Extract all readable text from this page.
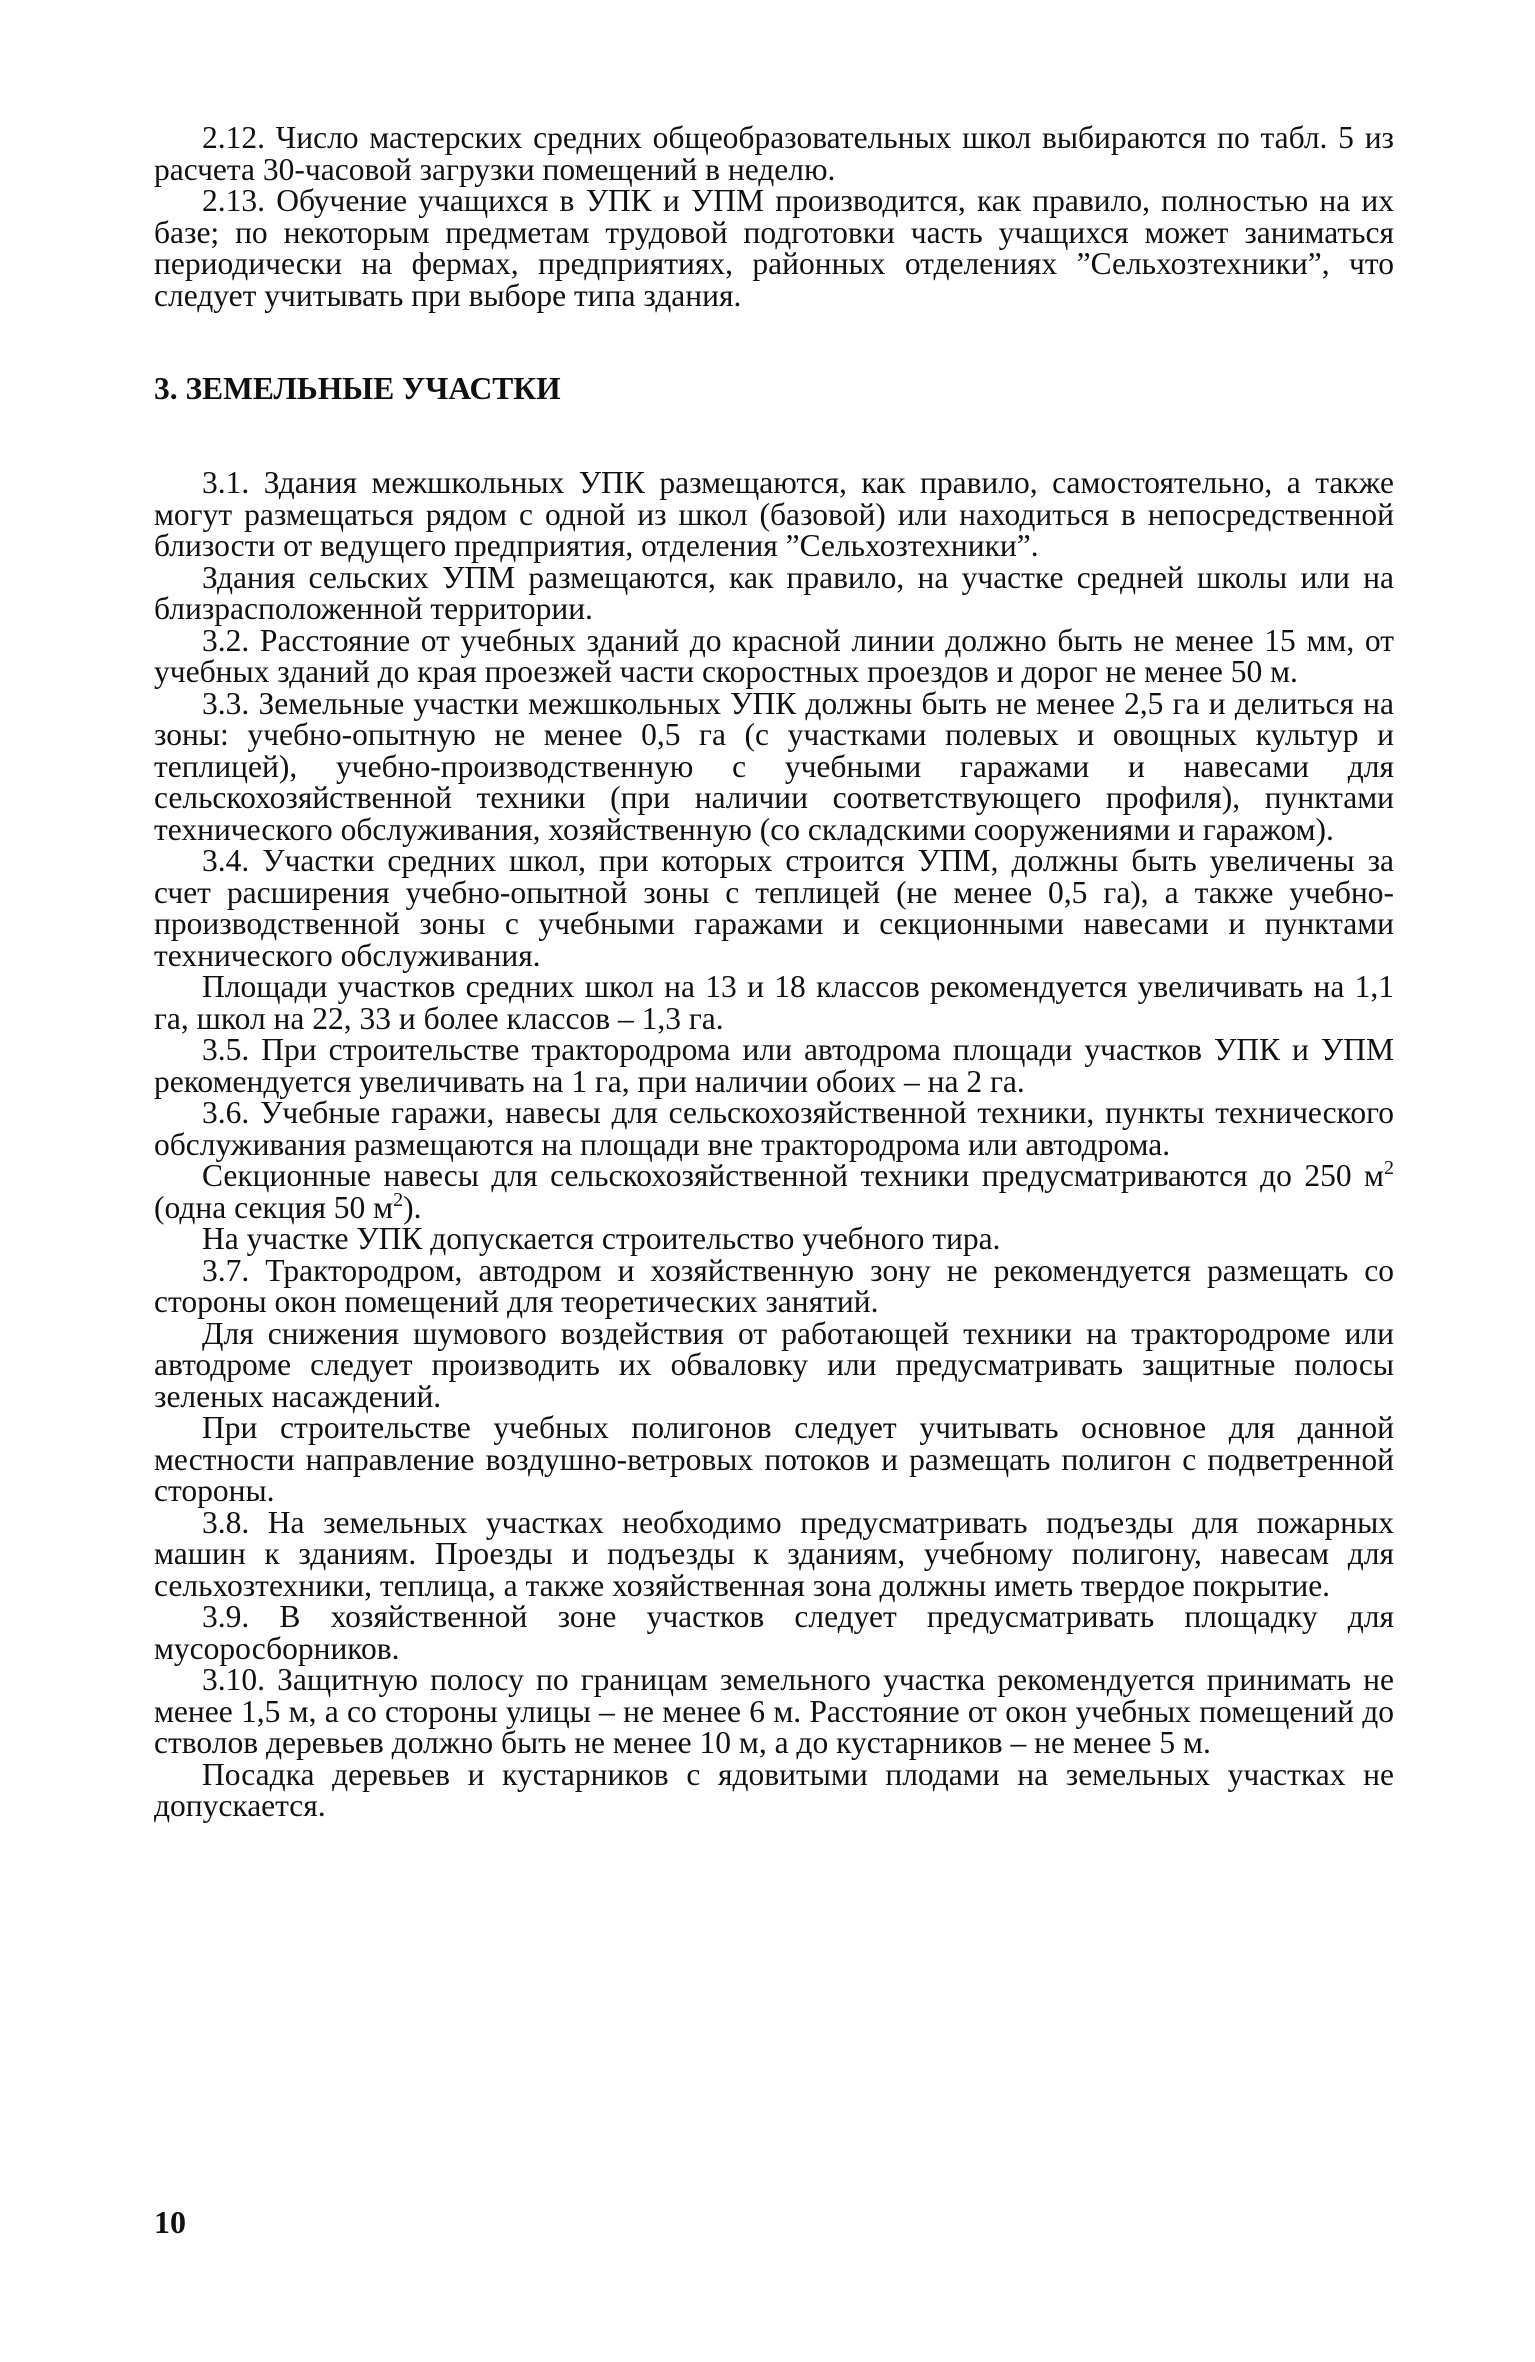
2.12. Число мастерских средних общеобразовательных школ выбираются по табл. 5 из расчета 30-часовой загрузки помещений в неделю.

2.13. Обучение учащихся в УПК и УПМ производится, как правило, полностью на их базе; по некоторым предметам трудовой подготовки часть учащихся может заниматься периодически на фермах, предприятиях, районных отделениях ”Сельхозтехники”, что следует учитывать при выборе типа здания.

3. ЗЕМЕЛЬНЫЕ УЧАСТКИ

3.1. Здания межшкольных УПК размещаются, как правило, самостоятельно, а также могут размещаться рядом с одной из школ (базовой) или находиться в непосредственной близости от ведущего предприятия, отделения ”Сельхозтехники”.

Здания сельских УПМ размещаются, как правило, на участке средней школы или на близрасположенной территории.

3.2. Расстояние от учебных зданий до красной линии должно быть не менее 15 мм, от учебных зданий до края проезжей части скоростных проездов и дорог не менее 50 м.

3.3. Земельные участки межшкольных УПК должны быть не менее 2,5 га и делиться на зоны: учебно-опытную не менее 0,5 га (с участками полевых и овощных культур и теплицей), учебно-производственную с учебными гаражами и навесами для сельскохозяйственной техники (при наличии соответствующего профиля), пунктами технического обслуживания, хозяйственную (со складскими сооружениями и гаражом).

3.4. Участки средних школ, при которых строится УПМ, должны быть увеличены за счет расширения учебно-опытной зоны с теплицей (не менее 0,5 га), а также учебно-производственной зоны с учебными гаражами и секционными навесами и пунктами технического обслуживания.

Площади участков средних школ на 13 и 18 классов рекомендуется увеличивать на 1,1 га, школ на 22, 33 и более классов – 1,3 га.

3.5. При строительстве трактородрома или автодрома площади участков УПК и УПМ рекомендуется увеличивать на 1 га, при наличии обоих – на 2 га.

3.6. Учебные гаражи, навесы для сельскохозяйственной техники, пункты технического обслуживания размещаются на площади вне трактородрома или автодрома.

Секционные навесы для сельскохозяйственной техники предусматриваются до 250 $м^2$ (одна секция 50 $м^2$).

На участке УПК допускается строительство учебного тира.

3.7. Трактородром, автодром и хозяйственную зону не рекомендуется размещать со стороны окон помещений для теоретических занятий.

Для снижения шумового воздействия от работающей техники на трактородроме или автодроме следует производить их обваловку или предусматривать защитные полосы зеленых насаждений.

При строительстве учебных полигонов следует учитывать основное для данной местности направление воздушно-ветровых потоков и размещать полигон с подветренной стороны.

3.8. На земельных участках необходимо предусматривать подъезды для пожарных машин к зданиям. Проезды и подъезды к зданиям, учебному полигону, навесам для сельхозтехники, теплица, а также хозяйственная зона должны иметь твердое покрытие.

3.9. В хозяйственной зоне участков следует предусматривать площадку для мусоросборников.

3.10. Защитную полосу по границам земельного участка рекомендуется принимать не менее 1,5 м, а со стороны улицы – не менее 6 м. Расстояние от окон учебных помещений до стволов деревьев должно быть не менее 10 м, а до кустарников – не менее 5 м.

Посадка деревьев и кустарников с ядовитыми плодами на земельных участках не допускается.

10
